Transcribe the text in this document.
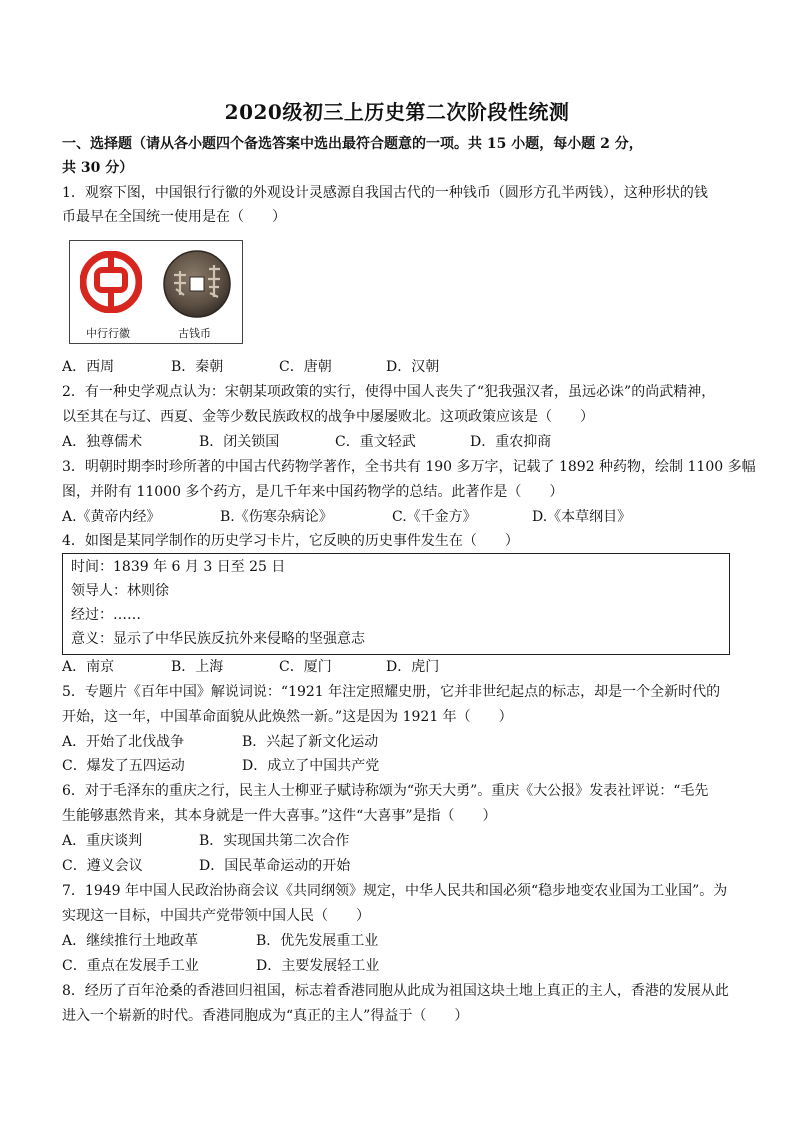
2020级初三上历史第二次阶段性统测
一、选择题（请从各小题四个备选答案中选出最符合题意的一项。共 15 小题，每小题 2 分，
共 30 分）
1．观察下图，中国银行行徽的外观设计灵感源自我国古代的一种钱币（圆形方孔半两钱），这种形状的钱
币最早在全国统一使用是在（　　）
中行行徽	古钱币
A．西周	B．秦朝	C．唐朝	D．汉朝
2．有一种史学观点认为：宋朝某项政策的实行，使得中国人丧失了“犯我强汉者，虽远必诛”的尚武精神，
以至其在与辽、西夏、金等少数民族政权的战争中屡屡败北。这项政策应该是（　　）
A．独尊儒术	B．闭关锁国	C．重文轻武	D．重农抑商
3．明朝时期李时珍所著的中国古代药物学著作，全书共有 190 多万字，记载了 1892 种药物，绘制 1100 多幅
图，并附有 11000 多个药方，是几千年来中国药物学的总结。此著作是（　　）
A.《黄帝内经》	B.《伤寒杂病论》	C.《千金方》	D.《本草纲目》
4．如图是某同学制作的历史学习卡片，它反映的历史事件发生在（　　）
时间：1839 年 6 月 3 日至 25 日
领导人：林则徐
经过：……
意义：显示了中华民族反抗外来侵略的坚强意志
A．南京	B．上海	C．厦门	D．虎门
5．专题片《百年中国》解说词说：“1921 年注定照耀史册，它并非世纪起点的标志，却是一个全新时代的
开始，这一年，中国革命面貌从此焕然一新。”这是因为 1921 年（　　）
A．开始了北伐战争	B．兴起了新文化运动
C．爆发了五四运动	D．成立了中国共产党
6．对于毛泽东的重庆之行，民主人士柳亚子赋诗称颂为“弥天大勇”。重庆《大公报》发表社评说：“毛先
生能够惠然肯来，其本身就是一件大喜事。”这件“大喜事”是指（　　）
A．重庆谈判	B．实现国共第二次合作
C．遵义会议	D．国民革命运动的开始
7．1949 年中国人民政治协商会议《共同纲领》规定，中华人民共和国必须“稳步地变农业国为工业国”。为
实现这一目标，中国共产党带领中国人民（　　）
A．继续推行土地政革	B．优先发展重工业
C．重点在发展手工业	D．主要发展轻工业
8．经历了百年沧桑的香港回归祖国，标志着香港同胞从此成为祖国这块土地上真正的主人，香港的发展从此
进入一个崭新的时代。香港同胞成为“真正的主人”得益于（　　）
